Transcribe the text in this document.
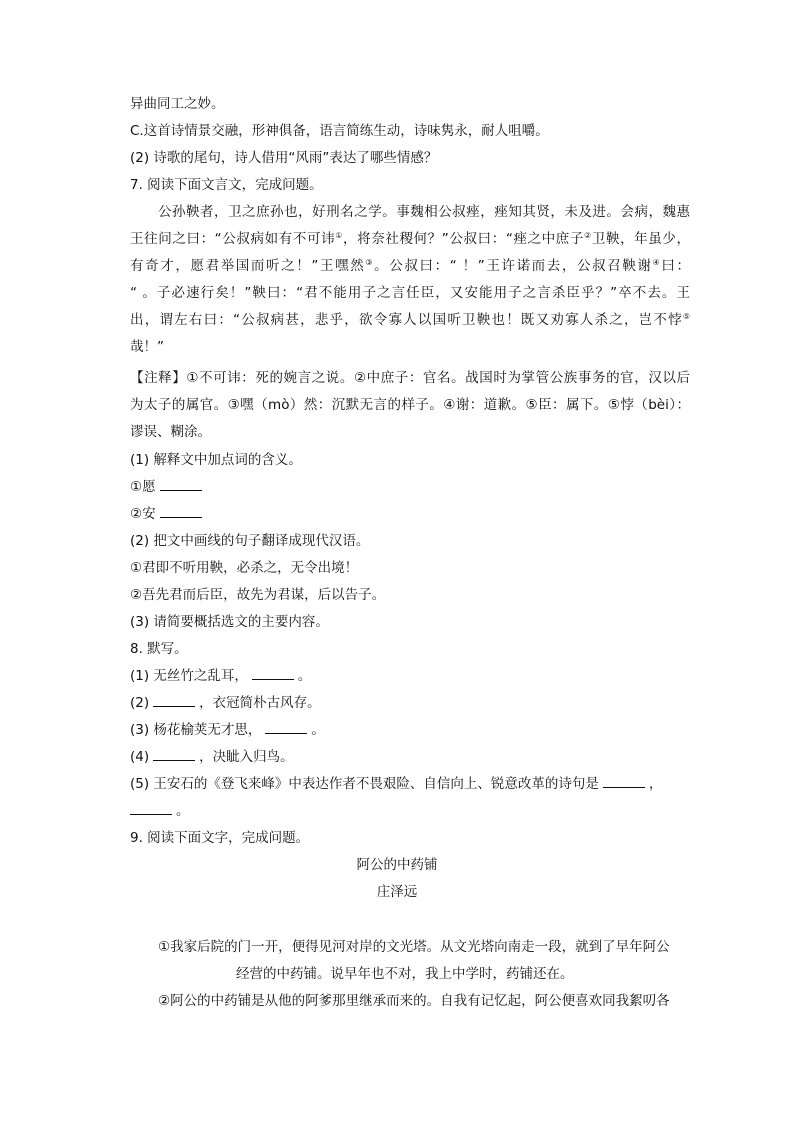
异曲同工之妙。
C.这首诗情景交融，形神俱备，语言简练生动，诗味隽永，耐人咀嚼。
(2) 诗歌的尾句，诗人借用“风雨”表达了哪些情感？
7. 阅读下面文言文，完成问题。
公孙鞅者，卫之庶孙也，好刑名之学。事魏相公叔痤，痤知其贤，未及进。会病，魏惠
王往问之曰：“公叔病如有不可讳①，将奈社稷何？”公叔曰：“痤之中庶子②卫鞅，年虽少，
有奇才，愿君举国而听之！”王嘿然③。公叔曰：“ ！”王许诺而去，公叔召鞅谢④曰：
“ 。子必速行矣！”鞅曰：“君不能用子之言任臣，又安能用子之言杀臣乎？”卒不去。王
出，谓左右曰：“公叔病甚，悲乎，欲令寡人以国听卫鞅也！既又劝寡人杀之，岂不悖⑤
哉！”
【注释】①不可讳：死的婉言之说。②中庶子：官名。战国时为掌管公族事务的官，汉以后
为太子的属官。③嘿（mò）然：沉默无言的样子。④谢：道歉。⑤臣：属下。⑤悖（bèi）：
谬误、糊涂。
(1) 解释文中加点词的含义。
①愿
②安
(2) 把文中画线的句子翻译成现代汉语。
①君即不听用鞅，必杀之，无令出境！
②吾先君而后臣，故先为君谋，后以告子。
(3) 请简要概括选文的主要内容。
8. 默写。
(1) 无丝竹之乱耳，	。
(2)	，衣冠简朴古风存。
(3) 杨花榆荚无才思，	。
(4)	，决眦入归鸟。
(5) 王安石的《登飞来峰》中表达作者不畏艰险、自信向上、锐意改革的诗句是	，
。
9. 阅读下面文字，完成问题。
阿公的中药铺
庄泽远
①我家后院的门一开，便得见河对岸的文光塔。从文光塔向南走一段，就到了早年阿公
经营的中药铺。说早年也不对，我上中学时，药铺还在。
②阿公的中药铺是从他的阿爹那里继承而来的。自我有记忆起，阿公便喜欢同我絮叨各
